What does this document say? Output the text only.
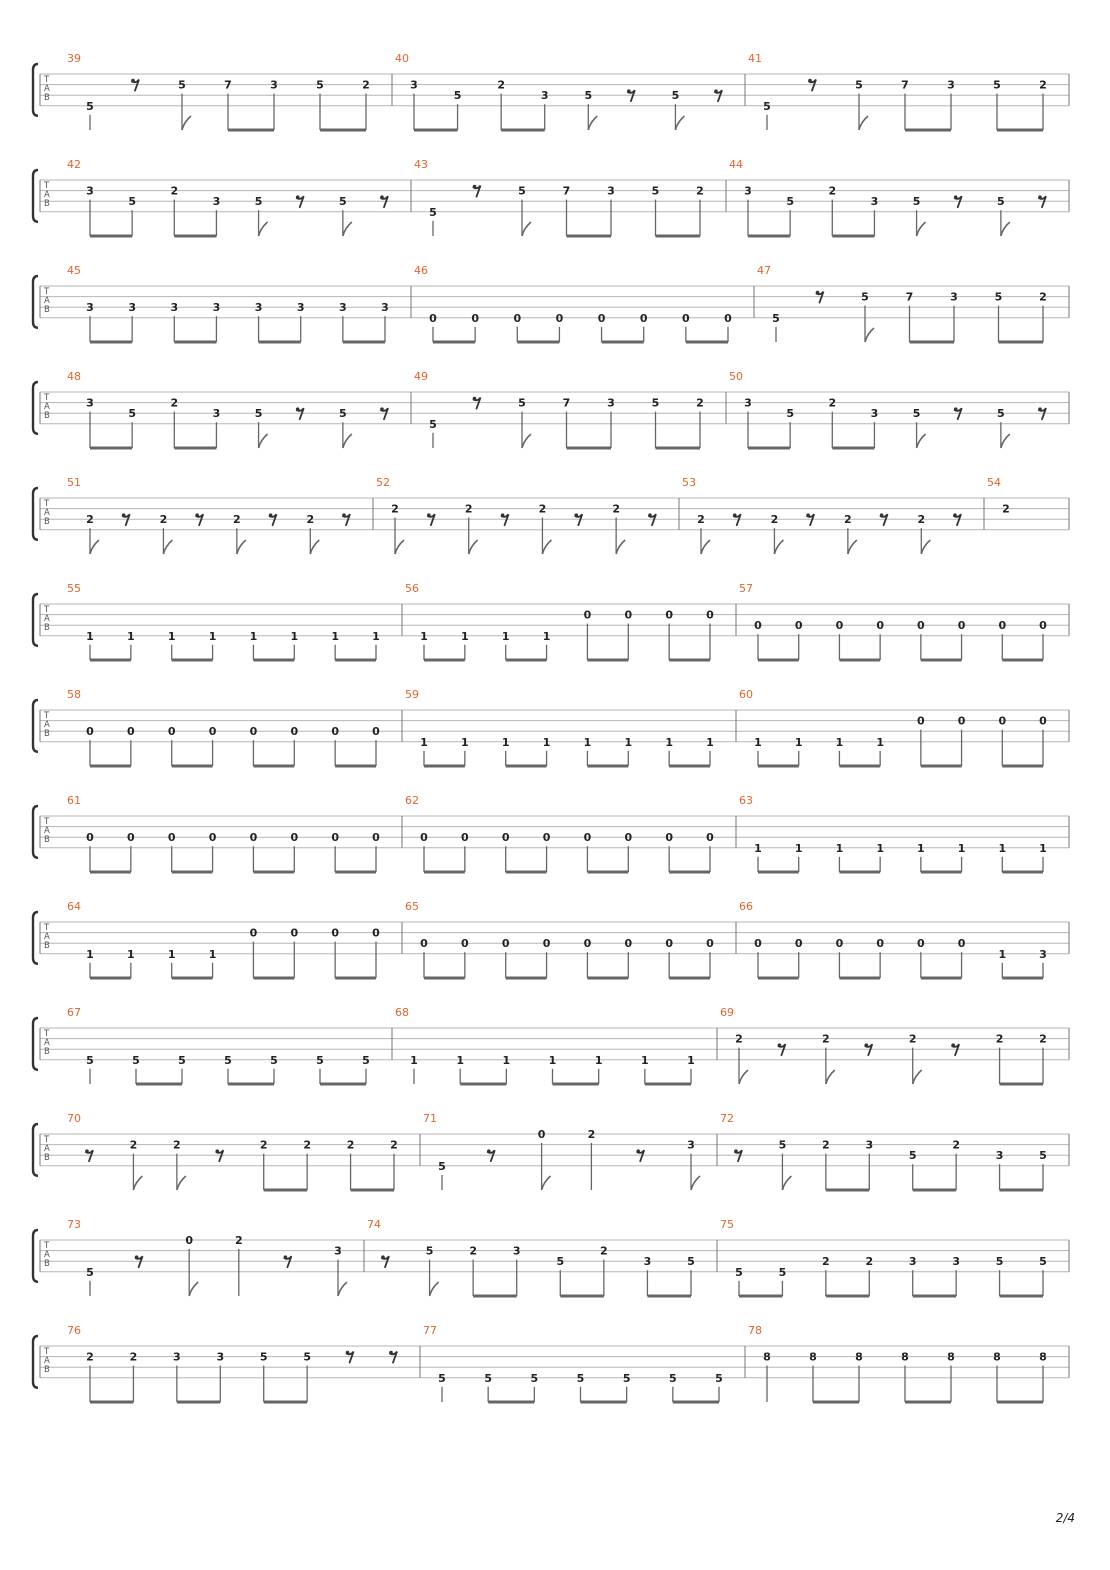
T
A
B
39
5
5	7	3	5	2
40
3
5
2
3	5	5
41
5
5	7	3	5	2
T
A
B
42
3
5
2
3	5	5
43
5
5	7	3	5	2
44
3
5
2
3	5	5
T
A
B
45
3	3	3	3	3	3	3	3
46
0	0	0	0	0	0	0	0
47
5
5	7	3	5	2
T
A
B
48
3
5
2
3	5	5
49
5
5	7	3	5	2
50
3
5
2
3	5	5
T
A
B
51
2	2	2	2
52
2	2	2	2
53
2	2	2	2
54
2
T
A
B
55
1	1	1	1	1	1	1	1
56
1	1	1	1
0	0	0	0
57
0	0	0	0	0	0	0	0
T
A
B
58
0	0	0	0	0	0	0	0
59
1	1	1	1	1	1	1	1
60
1	1	1	1
0	0	0	0
T
A
B
61
0	0	0	0	0	0	0	0
62
0	0	0	0	0	0	0	0
63
1	1	1	1	1	1	1	1
T
A
B
64
1	1	1	1
0	0	0	0
65
0	0	0	0	0	0	0	0
66
0	0	0	0	0	0
1	3
T
A
B
67
5	5	5	5	5	5	5
68
1	1	1	1	1	1	1
69
2	2	2	2	2
T
A
B
70
2	2	2	2	2	2
71
5
0	2
3
72
5	2	3
5
2
3	5
T
A
B
73
5
0	2
3
74
5	2	3
5
2
3	5
75
5	5
2	2	3	3	5	5
T
A
B
76
2	2	3	3	5	5
77
5	5	5	5	5	5	5
78
8	8	8	8	8	8	8
2/4
